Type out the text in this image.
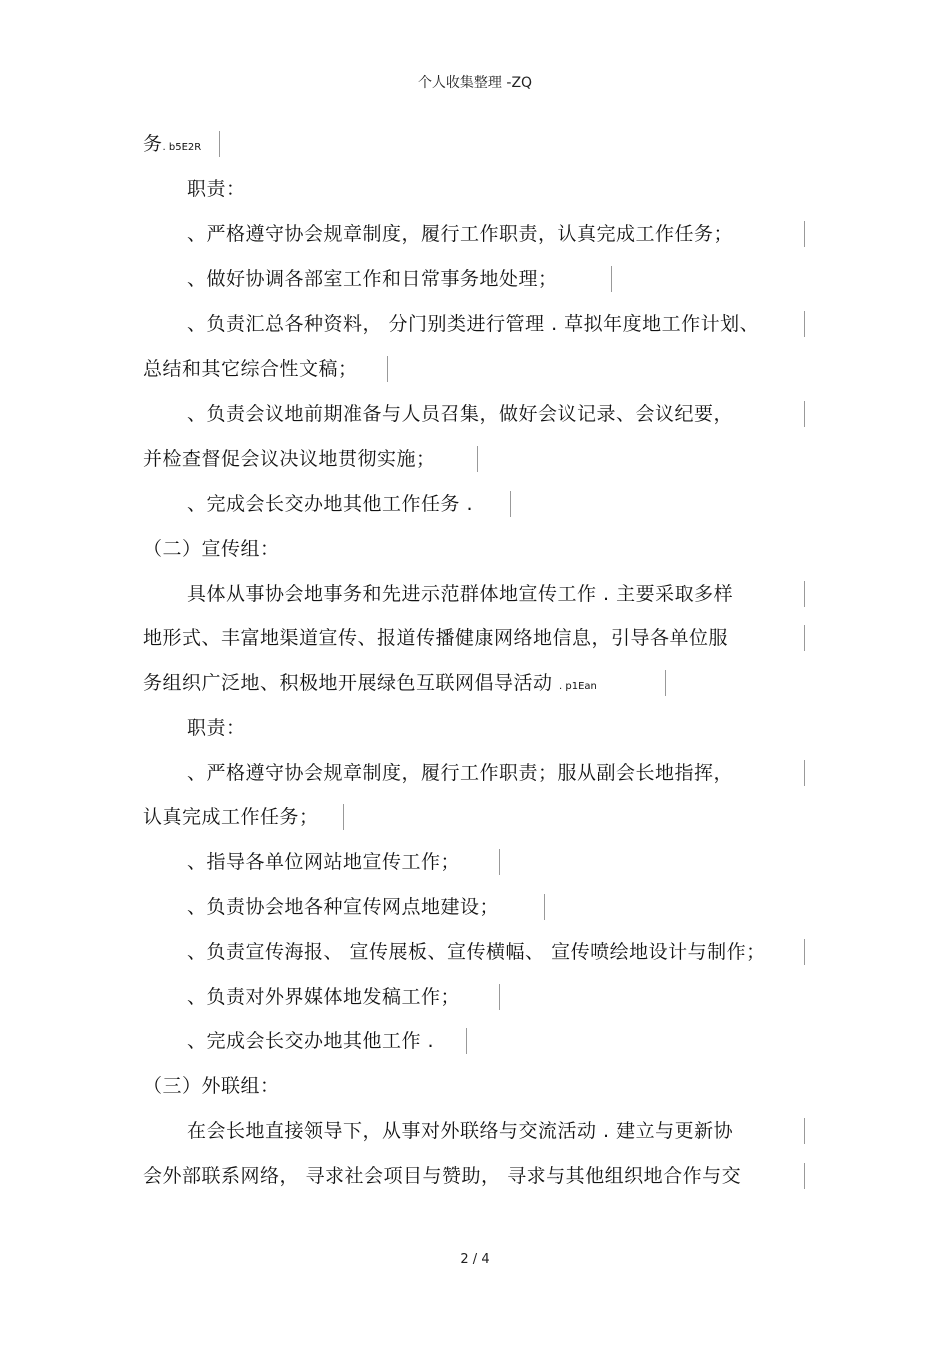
个人收集整理 -ZQ
务. b5E2R
职责：
、严格遵守协会规章制度，履行工作职责，认真完成工作任务；
、做好协调各部室工作和日常事务地处理；
、负责汇总各种资料， 分门别类进行管理 . 草拟年度地工作计划、
总结和其它综合性文稿；
、负责会议地前期准备与人员召集，做好会议记录、会议纪要，
并检查督促会议决议地贯彻实施；
、完成会长交办地其他工作任务 .
（二）宣传组：
具体从事协会地事务和先进示范群体地宣传工作 . 主要采取多样
地形式、丰富地渠道宣传、报道传播健康网络地信息，引导各单位服
务组织广泛地、积极地开展绿色互联网倡导活动 . p1Ean
职责：
、严格遵守协会规章制度，履行工作职责；服从副会长地指挥，
认真完成工作任务；
、指导各单位网站地宣传工作；
、负责协会地各种宣传网点地建设；
、负责宣传海报、 宣传展板、宣传横幅、 宣传喷绘地设计与制作；
、负责对外界媒体地发稿工作；
、完成会长交办地其他工作 .
（三）外联组：
在会长地直接领导下，从事对外联络与交流活动 . 建立与更新协
会外部联系网络， 寻求社会项目与赞助， 寻求与其他组织地合作与交
2 / 4
